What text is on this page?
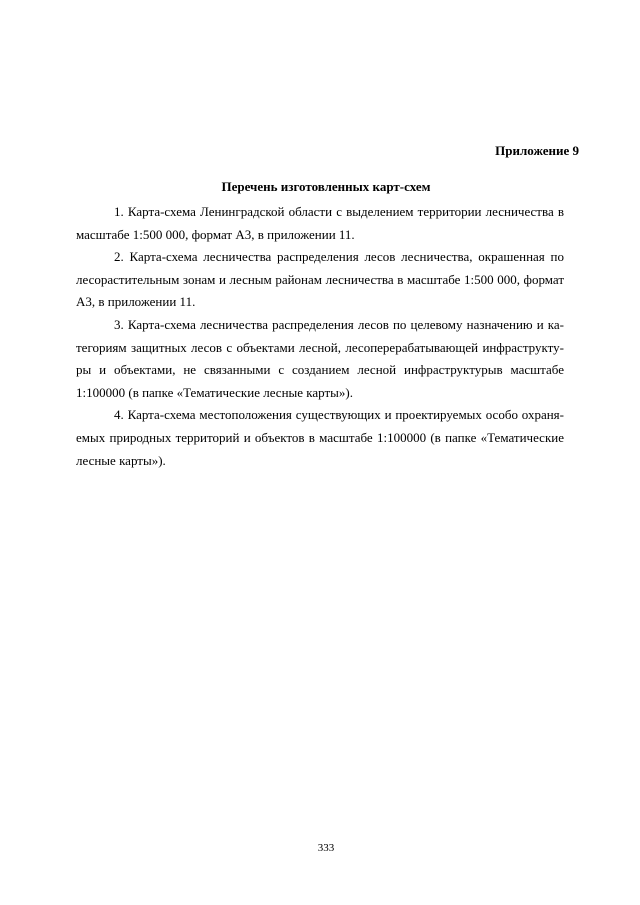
Приложение 9
Перечень изготовленных карт-схем

1. Карта-схема Ленинградской области с выделением территории лесничества в масштабе 1:500 000, формат А3, в приложении 11.

2. Карта-схема лесничества распределения лесов лесничества, окрашенная по лесорастительным зонам и лесным районам лесничества в масштабе 1:500 000, формат А3, в приложении 11.

3. Карта-схема лесничества распределения лесов по целевому назначению и категориям защитных лесов с объектами лесной, лесоперерабатывающей инфраструктуры и объектами, не связанными с созданием лесной инфраструктурыв масштабе 1:100000 (в папке «Тематические лесные карты»).

4. Карта-схема местоположения существующих и проектируемых особо охраняемых природных территорий и объектов в масштабе 1:100000 (в папке «Тематические лесные карты»).

333
